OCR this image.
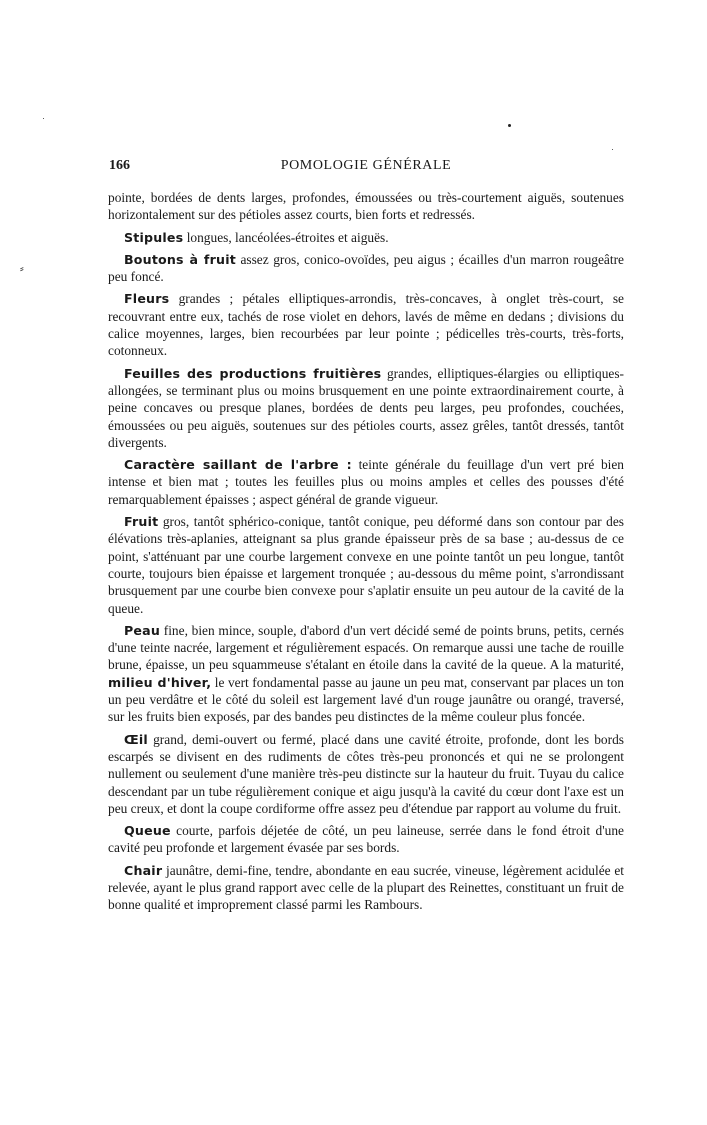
⸗
166	POMOLOGIE GÉNÉRALE

pointe, bordées de dents larges, profondes, émoussées ou très-courtement aiguës, soutenues horizontalement sur des pétioles assez courts, bien forts et redressés.

Stipules longues, lancéolées-étroites et aiguës.

Boutons à fruit assez gros, conico-ovoïdes, peu aigus ; écailles d'un marron rougeâtre peu foncé.

Fleurs grandes ; pétales elliptiques-arrondis, très-concaves, à onglet très-court, se recouvrant entre eux, tachés de rose violet en dehors, lavés de même en dedans ; divisions du calice moyennes, larges, bien recourbées par leur pointe ; pédicelles très-courts, très-forts, cotonneux.

Feuilles des productions fruitières grandes, elliptiques-élargies ou elliptiques-allongées, se terminant plus ou moins brusquement en une pointe extraordinairement courte, à peine concaves ou presque planes, bordées de dents peu larges, peu profondes, couchées, émoussées ou peu aiguës, soutenues sur des pétioles courts, assez grêles, tantôt dressés, tantôt divergents.

Caractère saillant de l'arbre : teinte générale du feuillage d'un vert pré bien intense et bien mat ; toutes les feuilles plus ou moins amples et celles des pousses d'été remarquablement épaisses ; aspect général de grande vigueur.

Fruit gros, tantôt sphérico-conique, tantôt conique, peu déformé dans son contour par des élévations très-aplanies, atteignant sa plus grande épaisseur près de sa base ; au-dessus de ce point, s'atténuant par une courbe largement convexe en une pointe tantôt un peu longue, tantôt courte, toujours bien épaisse et largement tronquée ; au-dessous du même point, s'arrondissant brusquement par une courbe bien convexe pour s'aplatir ensuite un peu autour de la cavité de la queue.

Peau fine, bien mince, souple, d'abord d'un vert décidé semé de points bruns, petits, cernés d'une teinte nacrée, largement et régulièrement espacés. On remarque aussi une tache de rouille brune, épaisse, un peu squammeuse s'étalant en étoile dans la cavité de la queue. A la maturité, milieu d'hiver, le vert fondamental passe au jaune un peu mat, conservant par places un ton un peu verdâtre et le côté du soleil est largement lavé d'un rouge jaunâtre ou orangé, traversé, sur les fruits bien exposés, par des bandes peu distinctes de la même couleur plus foncée.

Œil grand, demi-ouvert ou fermé, placé dans une cavité étroite, profonde, dont les bords escarpés se divisent en des rudiments de côtes très-peu prononcés et qui ne se prolongent nullement ou seulement d'une manière très-peu distincte sur la hauteur du fruit. Tuyau du calice descendant par un tube régulièrement conique et aigu jusqu'à la cavité du cœur dont l'axe est un peu creux, et dont la coupe cordiforme offre assez peu d'étendue par rapport au volume du fruit.

Queue courte, parfois déjetée de côté, un peu laineuse, serrée dans le fond étroit d'une cavité peu profonde et largement évasée par ses bords.

Chair jaunâtre, demi-fine, tendre, abondante en eau sucrée, vineuse, légèrement acidulée et relevée, ayant le plus grand rapport avec celle de la plupart des Reinettes, constituant un fruit de bonne qualité et improprement classé parmi les Rambours.
